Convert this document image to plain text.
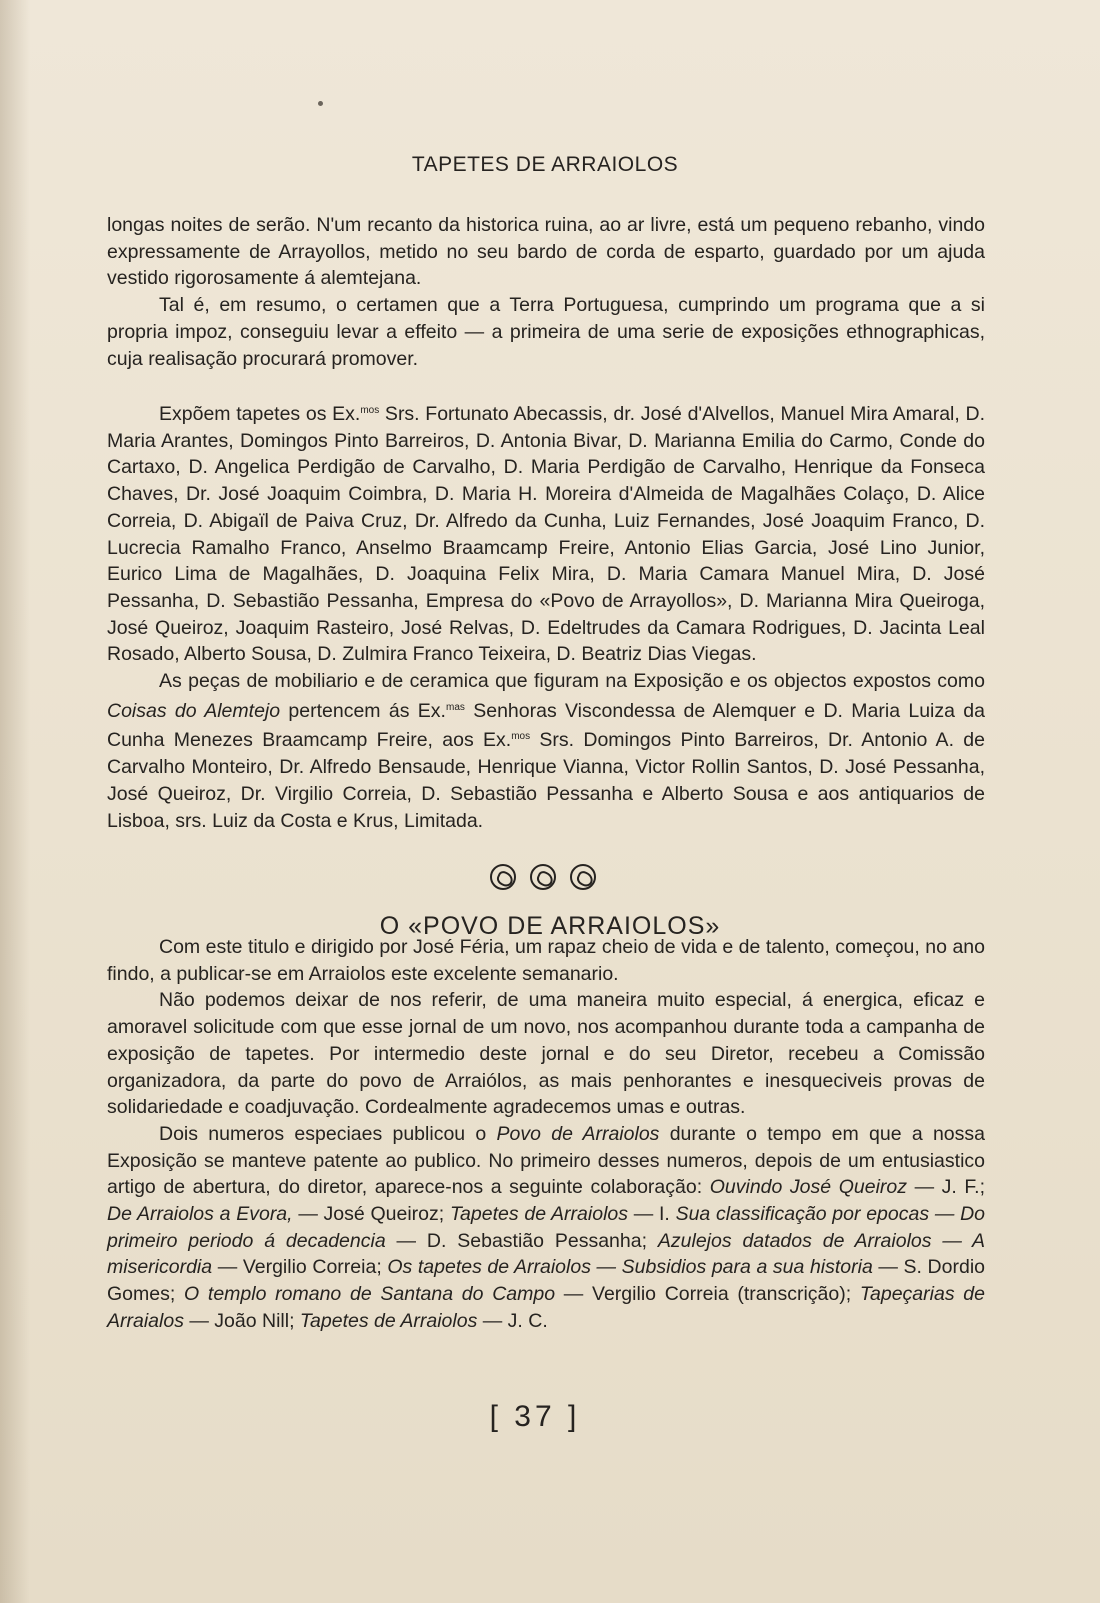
TAPETES DE ARRAIOLOS

longas noites de serão. N'um recanto da historica ruina, ao ar livre, está um pequeno rebanho, vindo expressamente de Arrayollos, metido no seu bardo de corda de esparto, guardado por um ajuda vestido rigorosamente á alemtejana.

Tal é, em resumo, o certamen que a Terra Portuguesa, cumprindo um programa que a si propria impoz, conseguiu levar a effeito — a primeira de uma serie de exposições ethnographicas, cuja realisação procurará promover.

Expõem tapetes os Ex.$^{mos}$ Srs. Fortunato Abecassis, dr. José d'Alvellos, Manuel Mira Amaral, D. Maria Arantes, Domingos Pinto Barreiros, D. Antonia Bivar, D. Marianna Emilia do Carmo, Conde do Cartaxo, D. Angelica Perdigão de Carvalho, D. Maria Perdigão de Carvalho, Henrique da Fonseca Chaves, Dr. José Joaquim Coimbra, D. Maria H. Moreira d'Almeida de Magalhães Colaço, D. Alice Correia, D. Abigaïl de Paiva Cruz, Dr. Alfredo da Cunha, Luiz Fernandes, José Joaquim Franco, D. Lucrecia Ramalho Franco, Anselmo Braamcamp Freire, Antonio Elias Garcia, José Lino Junior, Eurico Lima de Magalhães, D. Joaquina Felix Mira, D. Maria Camara Manuel Mira, D. José Pessanha, D. Sebastião Pessanha, Empresa do «Povo de Arrayollos», D. Marianna Mira Queiroga, José Queiroz, Joaquim Rasteiro, José Relvas, D. Edeltrudes da Camara Rodrigues, D. Jacinta Leal Rosado, Alberto Sousa, D. Zulmira Franco Teixeira, D. Beatriz Dias Viegas.

As peças de mobiliario e de ceramica que figuram na Exposição e os objectos expostos como Coisas do Alemtejo pertencem ás Ex.$^{mas}$ Senhoras Viscondessa de Alemquer e D. Maria Luiza da Cunha Menezes Braamcamp Freire, aos Ex.$^{mos}$ Srs. Domingos Pinto Barreiros, Dr. Antonio A. de Carvalho Monteiro, Dr. Alfredo Bensaude, Henrique Vianna, Victor Rollin Santos, D. José Pessanha, José Queiroz, Dr. Virgilio Correia, D. Sebastião Pessanha e Alberto Sousa e aos antiquarios de Lisboa, srs. Luiz da Costa e Krus, Limitada.

O «POVO DE ARRAIOLOS»

Com este titulo e dirigido por José Féria, um rapaz cheio de vida e de talento, começou, no ano findo, a publicar-se em Arraiolos este excelente semanario.

Não podemos deixar de nos referir, de uma maneira muito especial, á energica, eficaz e amoravel solicitude com que esse jornal de um novo, nos acompanhou durante toda a campanha de exposição de tapetes. Por intermedio deste jornal e do seu Diretor, recebeu a Comissão organizadora, da parte do povo de Arraiólos, as mais penhorantes e inesqueciveis provas de solidariedade e coadjuvação. Cordealmente agradecemos umas e outras.

Dois numeros especiaes publicou o Povo de Arraiolos durante o tempo em que a nossa Exposição se manteve patente ao publico. No primeiro desses numeros, depois de um entusiastico artigo de abertura, do diretor, aparece-nos a seguinte colaboração: Ouvindo José Queiroz — J. F.; De Arraiolos a Evora, — José Queiroz; Tapetes de Arraiolos — I. Sua classificação por epocas — Do primeiro periodo á decadencia — D. Sebastião Pessanha; Azulejos datados de Arraiolos — A misericordia — Vergilio Correia; Os tapetes de Arraiolos — Subsidios para a sua historia — S. Dordio Gomes; O templo romano de Santana do Campo — Vergilio Correia (transcrição); Tapeçarias de Arraialos — João Nill; Tapetes de Arraiolos — J. C.

[ 37 ]
